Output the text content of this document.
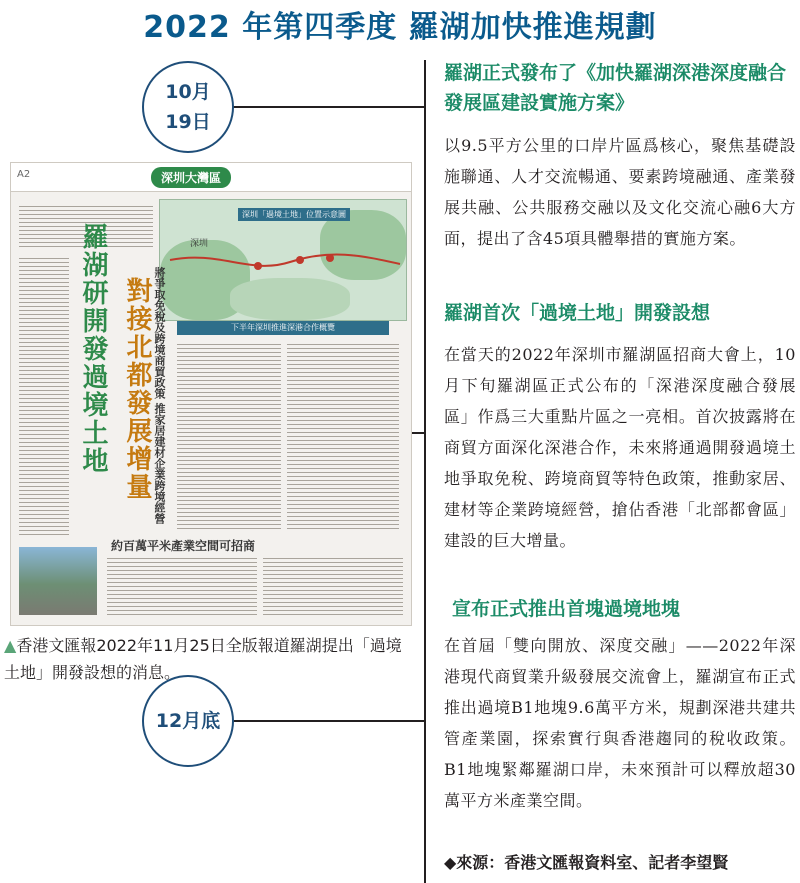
2022 年第四季度 羅湖加快推進規劃
10月
19日
12月底
羅湖正式發布了《加快羅湖深港深度融合發展區建設實施方案》
以9.5平方公里的口岸片區爲核心，聚焦基礎設施聯通、人才交流暢通、要素跨境融通、產業發展共融、公共服務交融以及文化交流心融6大方面，提出了含45項具體舉措的實施方案。
羅湖首次「過境土地」開發設想
在當天的2022年深圳市羅湖區招商大會上，10月下旬羅湖區正式公布的「深港深度融合發展區」作爲三大重點片區之一亮相。首次披露將在商貿方面深化深港合作，未來將通過開發過境土地爭取免稅、跨境商貿等特色政策，推動家居、建材等企業跨境經營，搶佔香港「北部都會區」建設的巨大增量。
宣布正式推出首塊過境地塊
在首屆「雙向開放、深度交融」——2022年深港現代商貿業升級發展交流會上，羅湖宣布正式推出過境B1地塊9.6萬平方米，規劃深港共建共管產業園，探索實行與香港趨同的稅收政策。B1地塊緊鄰羅湖口岸，未來預計可以釋放超30萬平方米產業空間。
◆來源：香港文匯報資料室、記者李望賢
A2	深圳大灣區
深圳「過境土地」位置示意圖
深圳
下半年深圳推進深港合作概覽
羅湖研開發過境土地 對接北都發展增量 將爭取免稅及跨境商貿政策 推家居建材企業跨境經營
約百萬平米產業空間可招商
▲香港文匯報2022年11月25日全版報道羅湖提出「過境土地」開發設想的消息。
